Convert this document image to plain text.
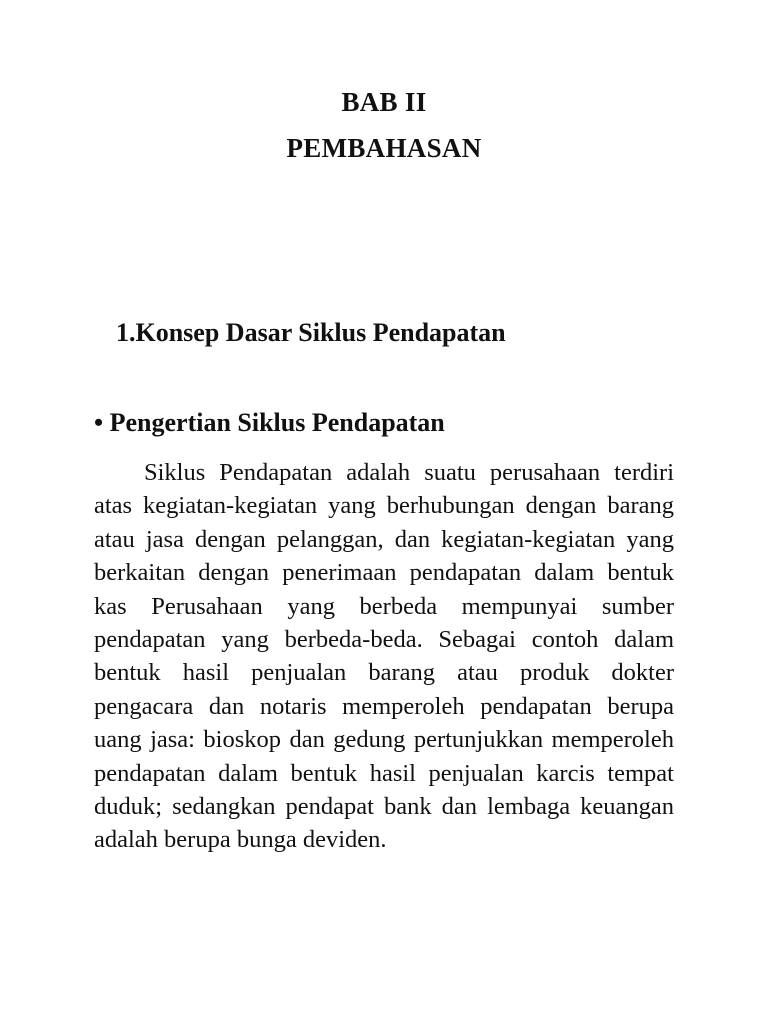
BAB II
PEMBAHASAN
1.Konsep Dasar Siklus Pendapatan
• Pengertian Siklus Pendapatan

Siklus Pendapatan adalah suatu perusahaan terdiri atas kegiatan-kegiatan yang berhubungan dengan barang atau jasa dengan pelanggan, dan kegiatan-kegiatan yang berkaitan dengan penerimaan pendapatan dalam bentuk kas Perusahaan yang berbeda mempunyai sumber pendapatan yang berbeda-beda. Sebagai contoh dalam bentuk hasil penjualan barang atau produk dokter pengacara dan notaris memperoleh pendapatan berupa uang jasa: bioskop dan gedung pertunjukkan memperoleh pendapatan dalam bentuk hasil penjualan karcis tempat duduk; sedangkan pendapat bank dan lembaga keuangan adalah berupa bunga deviden.
